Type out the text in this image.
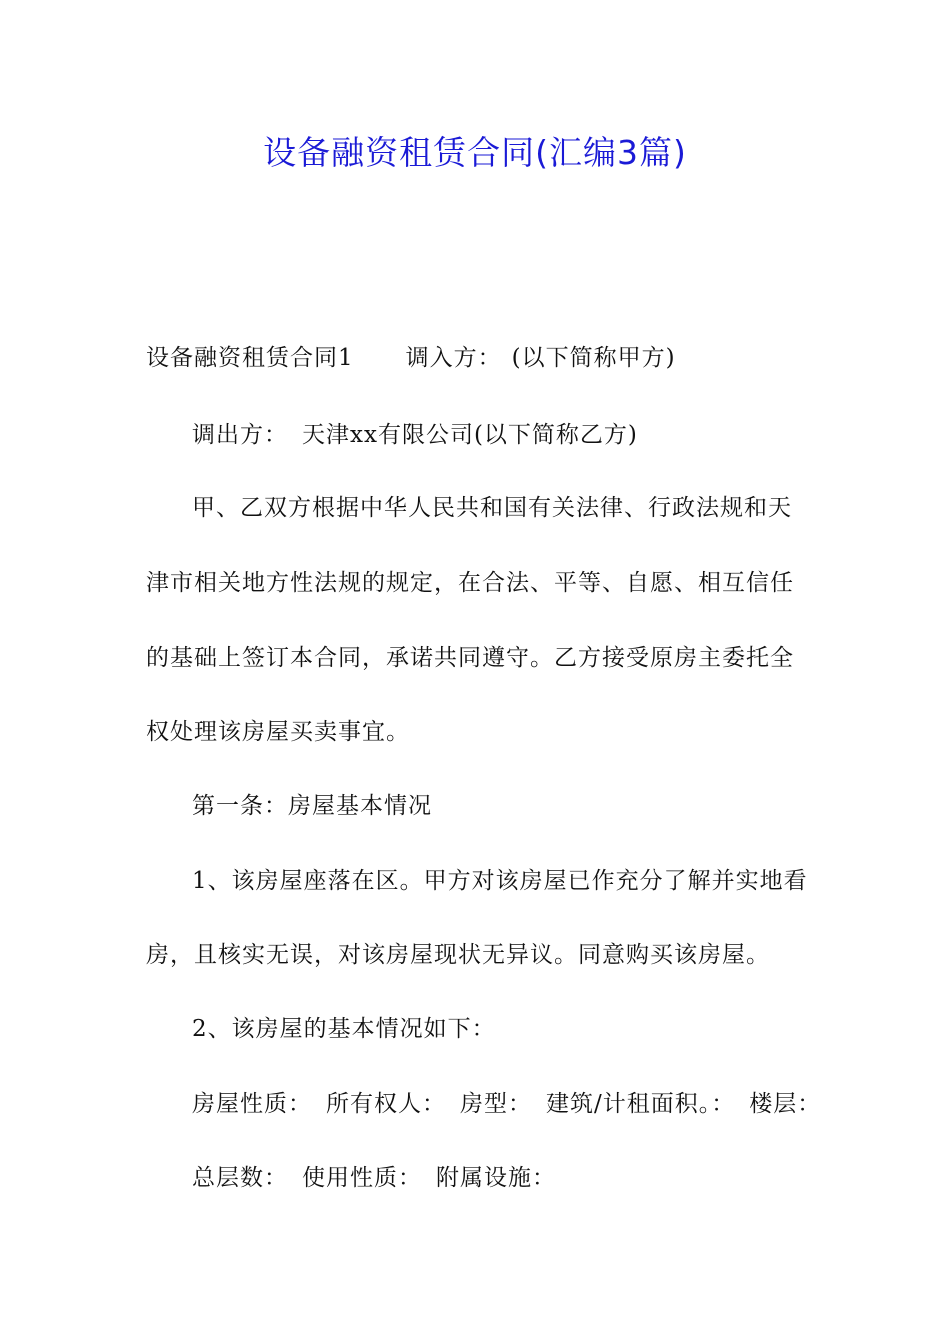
设备融资租赁合同(汇编3篇)
设备融资租赁合同1 调入方： (以下简称甲方)
调出方： 天津xx有限公司(以下简称乙方)
甲、乙双方根据中华人民共和国有关法律、行政法规和天
津市相关地方性法规的规定，在合法、平等、自愿、相互信任
的基础上签订本合同，承诺共同遵守。乙方接受原房主委托全
权处理该房屋买卖事宜。
第一条：房屋基本情况
1、该房屋座落在区。甲方对该房屋已作充分了解并实地看
房，且核实无误，对该房屋现状无异议。同意购买该房屋。
2、该房屋的基本情况如下：
房屋性质： 所有权人： 房型： 建筑/计租面积。： 楼层：
总层数： 使用性质： 附属设施：
